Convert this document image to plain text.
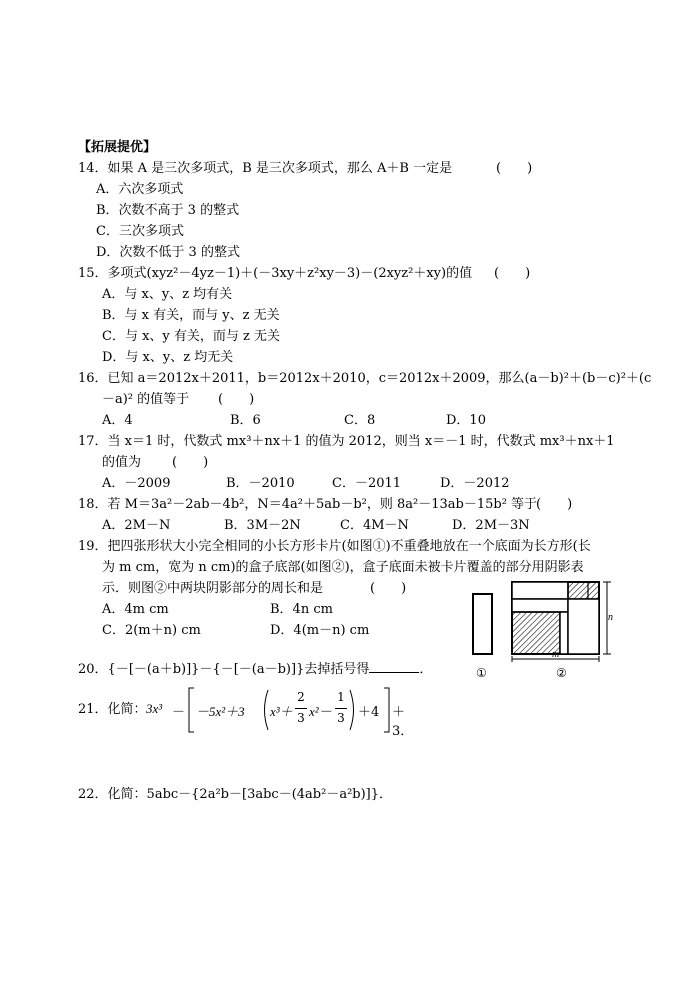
【拓展提优】
14．如果 A 是三次多项式，B 是三次多项式，那么 A＋B 一定是	(　　)
A．六次多项式
B．次数不高于 3 的整式
C．三次多项式
D．次数不低于 3 的整式
15．多项式(xyz²－4yz－1)＋(－3xy＋z²xy－3)－(2xyz²＋xy)的值 (　　)
A．与 x、y、z 均有关
B．与 x 有关，而与 y、z 无关
C．与 x、y 有关，而与 z 无关
D．与 x、y、z 均无关
16．已知 a＝2012x＋2011，b＝2012x＋2010，c＝2012x＋2009，那么(a－b)²＋(b－c)²＋(c
－a)² 的值等于 (　　)
A．4	B．6	C．8	D．10
17．当 x＝1 时，代数式 mx³＋nx＋1 的值为 2012，则当 x＝－1 时，代数式 mx³＋nx＋1
的值为 (　　)
A．－2009	B．－2010	C．－2011	D．－2012
18．若 M＝3a²－2ab－4b²，N＝4a²＋5ab－b²，则 8a²－13ab－15b² 等于
(　　)
A．2M－N	B．3M－2N	C．4M－N	D．2M－3N
19．把四张形状大小完全相同的小长方形卡片(如图①)不重叠地放在一个底面为长方形(长
为 m cm，宽为 n cm)的盒子底部(如图②)，盒子底面未被卡片覆盖的部分用阴影表
示．则图②中两块阴影部分的周长和是	(　　)
A．4m cm	B．4n cm
C．2(m＋n) cm	D．4(m－n) cm
n
m
①	②
20．{－[－(a＋b)]}－{－[－(a－b)]}去掉括号得	．
21．化简： 3x³ － －5x²＋3 x³＋
2
3 x²－
1
3 ＋4 ＋3．
22．化简：5abc－{2a²b－[3abc－(4ab²－a²b)]}．
